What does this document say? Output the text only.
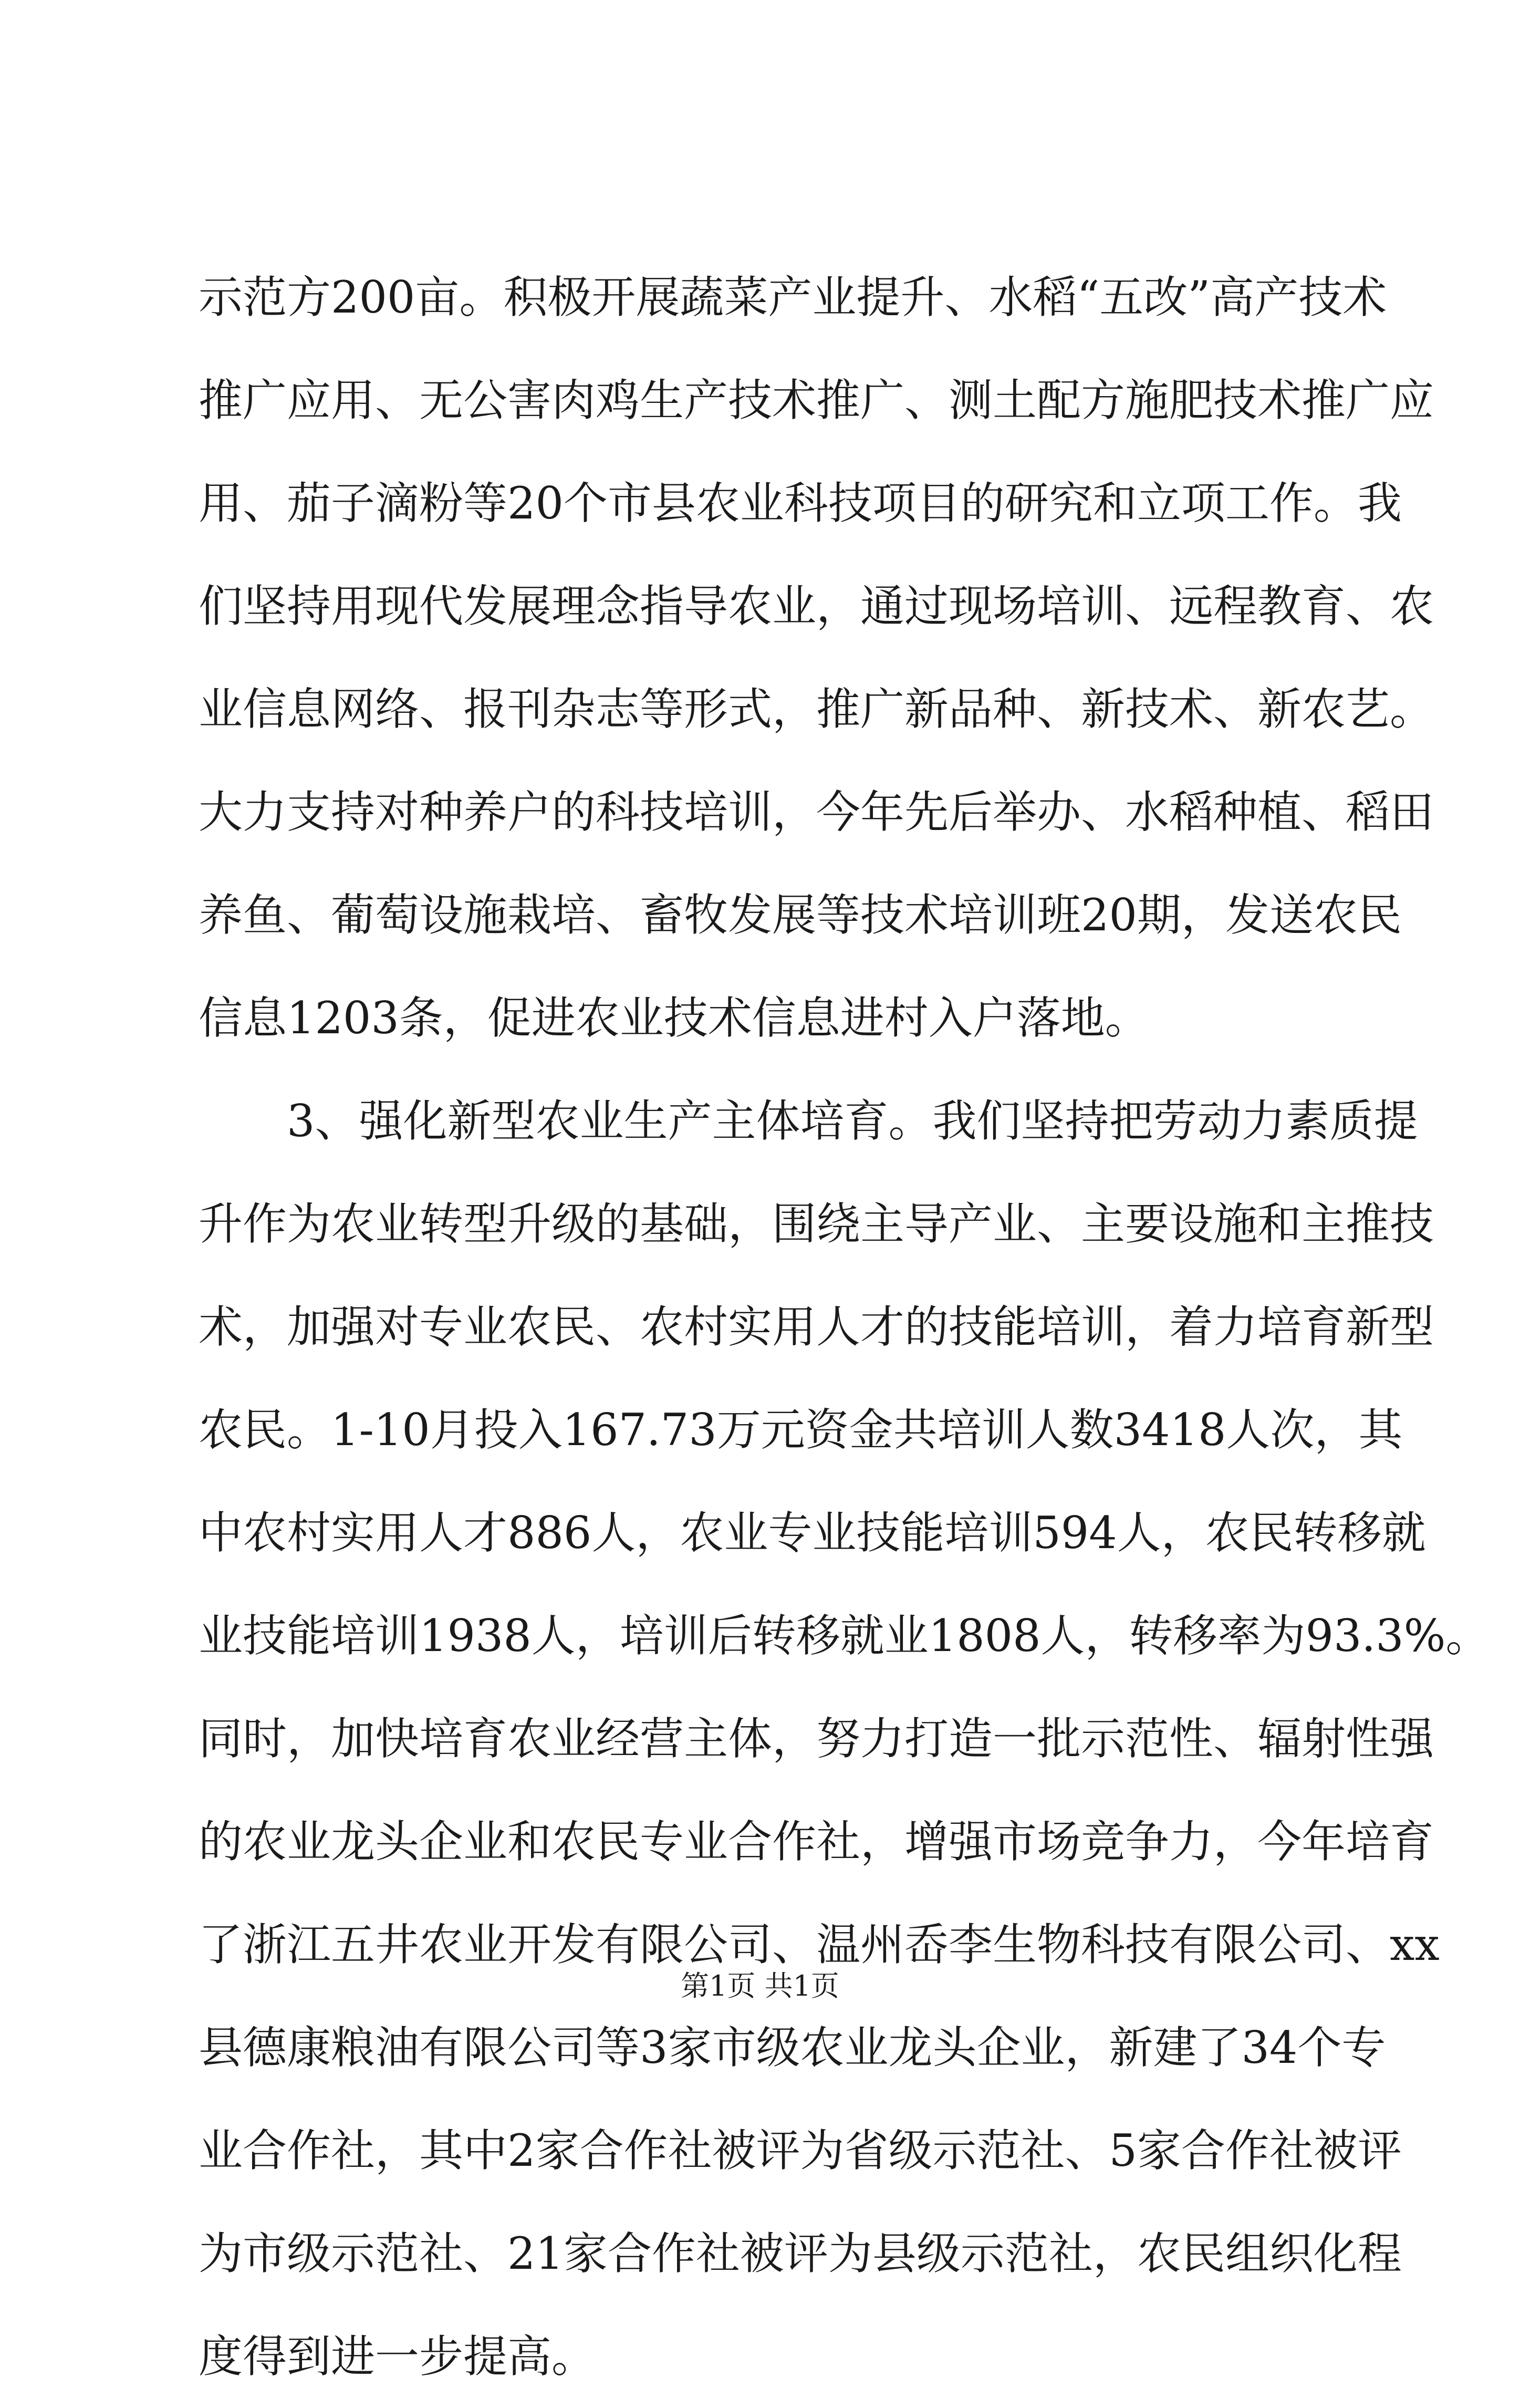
示范方200亩。积极开展蔬菜产业提升、水稻“五改”高产技术
推广应用、无公害肉鸡生产技术推广、测土配方施肥技术推广应
用、茄子滴粉等20个市县农业科技项目的研究和立项工作。我
们坚持用现代发展理念指导农业，通过现场培训、远程教育、农
业信息网络、报刊杂志等形式，推广新品种、新技术、新农艺。
大力支持对种养户的科技培训，今年先后举办、水稻种植、稻田
养鱼、葡萄设施栽培、畜牧发展等技术培训班20期，发送农民
信息1203条，促进农业技术信息进村入户落地。
3、强化新型农业生产主体培育。我们坚持把劳动力素质提
升作为农业转型升级的基础，围绕主导产业、主要设施和主推技
术，加强对专业农民、农村实用人才的技能培训，着力培育新型
农民。1-10月投入167.73万元资金共培训人数3418人次，其
中农村实用人才886人，农业专业技能培训594人，农民转移就
业技能培训1938人，培训后转移就业1808人，转移率为93.3%。
同时，加快培育农业经营主体，努力打造一批示范性、辐射性强
的农业龙头企业和农民专业合作社，增强市场竞争力，今年培育
了浙江五井农业开发有限公司、温州岙李生物科技有限公司、xx
县德康粮油有限公司等3家市级农业龙头企业，新建了34个专
业合作社，其中2家合作社被评为省级示范社、5家合作社被评
为市级示范社、21家合作社被评为县级示范社，农民组织化程
度得到进一步提高。
第1页 共1页
